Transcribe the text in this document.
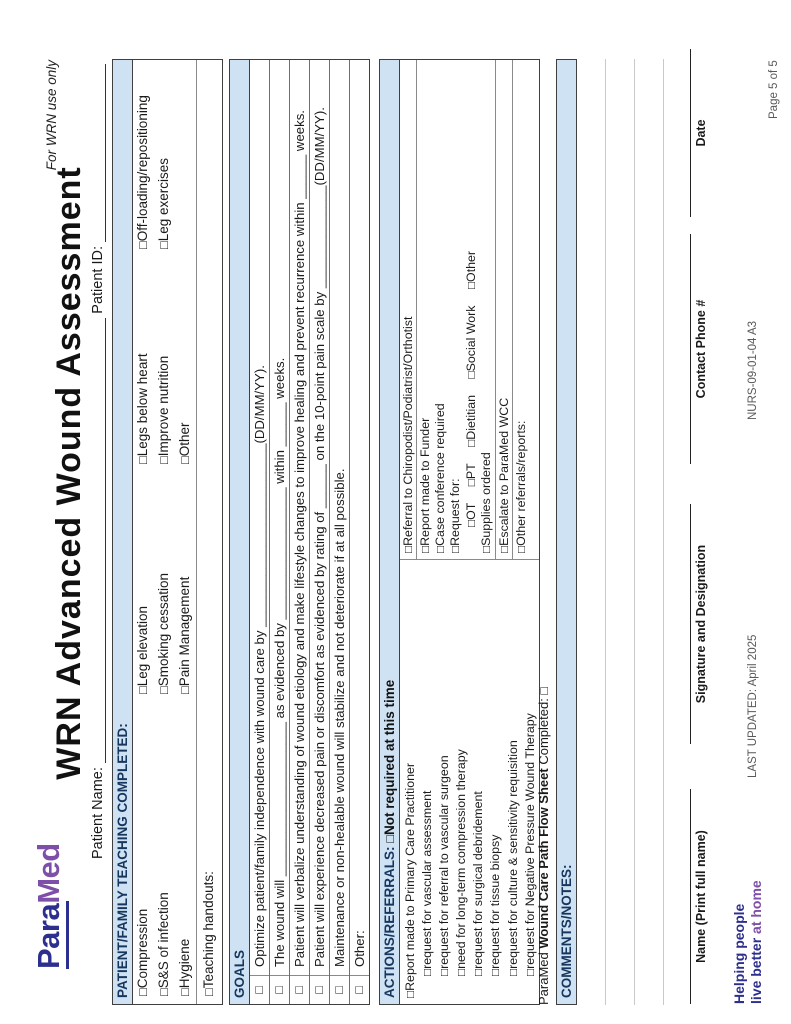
ParaMed
For WRN use only
WRN Advanced Wound Assessment
Patient Name:
Patient ID:
PATIENT/FAMILY TEACHING COMPLETED: □Compression
□Leg elevation
□Legs below heart
□Off-loading/repositioning
□S&S of infection
□Smoking cessation
□Improve nutrition
□Leg exercises
□Hygiene
□Pain Management
□Other
□Teaching handouts: GOALS □
Optimize patient/family independence with wound care by _________________________(DD/MM/YY).
□
The wound will _____________________ as evidenced by __________________ within ______ weeks.
□
Patient will verbalize understanding of wound etiology and make lifestyle changes to improve healing and prevent recurrence within ______ weeks.
□
Patient will experience decreased pain or discomfort as evidenced by rating of ______ on the 10-point pain scale by ______________(DD/MM/YY).
□
Maintenance or non-healable wound will stabilize and not deteriorate if at all possible.
□
Other: ACTIONS/REFERRALS: □Not required at this time
□Report made to Primary Care Practitioner □request for vascular assessment
□request for referral to vascular surgeon
□need for long-term compression therapy
□request for surgical debridement
□request for tissue biopsy
□request for culture & sensitivity requisition
□request for Negative Pressure Wound Therapy
□Referral to Chiropodist/Podiatrist/Orthotist
□Report made to Funder
□Case conference required
□Request for: □OT □PT □Dietitian □Social Work □Other
□Supplies ordered
□Escalate to ParaMed WCC
□Other referrals/reports:
ParaMed Wound Care Path Flow Sheet Completed: □
COMMENTS/NOTES:	Name (Print full name)
Signature and Designation
Contact Phone #
Date
Helping people live better at home
LAST UPDATED: April 2025
NURS-09-01-04 A3
Page 5 of 5
